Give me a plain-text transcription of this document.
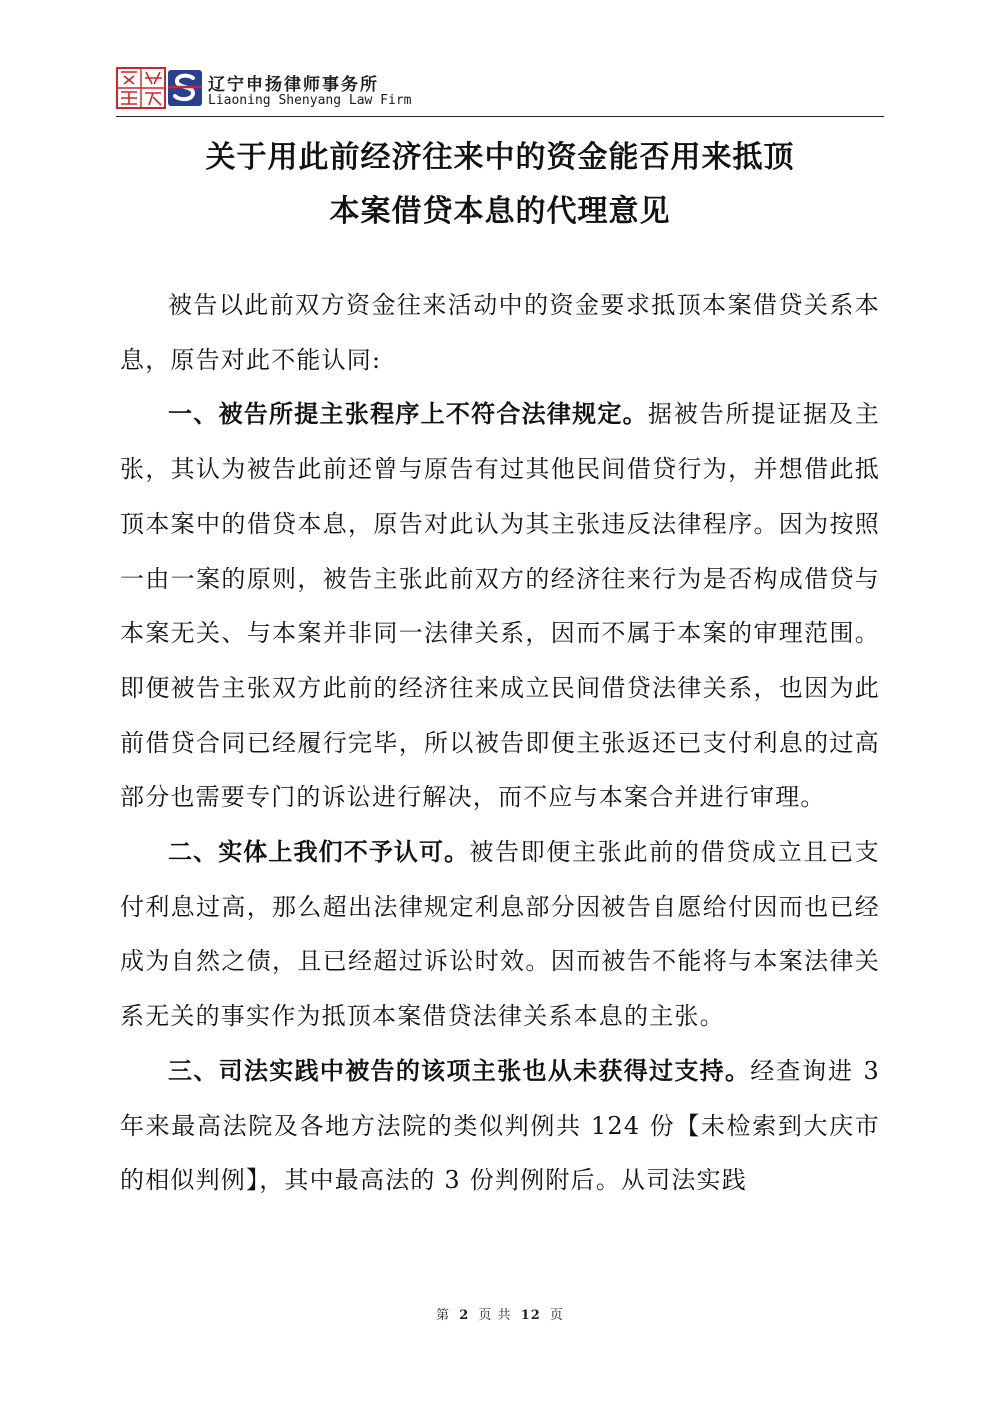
辽宁申扬律师事务所
Liaoning Shenyang Law Firm
关于用此前经济往来中的资金能否用来抵顶
本案借贷本息的代理意见

被告以此前双方资金往来活动中的资金要求抵顶本案借贷关系本息，原告对此不能认同:

一、被告所提主张程序上不符合法律规定。据被告所提证据及主张，其认为被告此前还曾与原告有过其他民间借贷行为，并想借此抵顶本案中的借贷本息，原告对此认为其主张违反法律程序。因为按照一由一案的原则，被告主张此前双方的经济往来行为是否构成借贷与本案无关、与本案并非同一法律关系，因而不属于本案的审理范围。即便被告主张双方此前的经济往来成立民间借贷法律关系，也因为此前借贷合同已经履行完毕，所以被告即便主张返还已支付利息的过高部分也需要专门的诉讼进行解决，而不应与本案合并进行审理。

二、实体上我们不予认可。被告即便主张此前的借贷成立且已支付利息过高，那么超出法律规定利息部分因被告自愿给付因而也已经成为自然之债，且已经超过诉讼时效。因而被告不能将与本案法律关系无关的事实作为抵顶本案借贷法律关系本息的主张。

三、司法实践中被告的该项主张也从未获得过支持。经查询进 3 年来最高法院及各地方法院的类似判例共 124 份【未检索到大庆市的相似判例】，其中最高法的 3 份判例附后。从司法实践

第 2 页 共 12 页
